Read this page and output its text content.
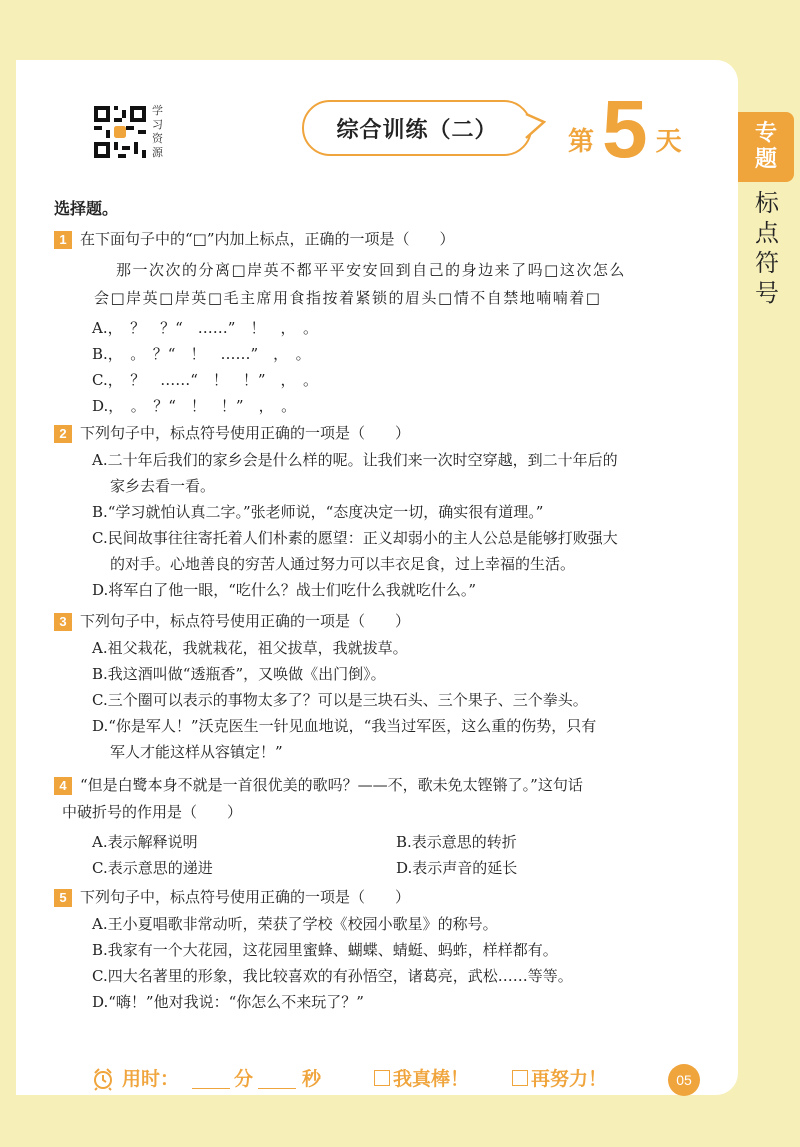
学习资源
综合训练（二）	第 5 天	专
题
标
点
符
号
选择题。
1 在下面句子中的“□”内加上标点，正确的一项是（　　）
那一次次的分离□岸英不都平平安安回到自己的身边来了吗□这次怎么
会□岸英□岸英□毛主席用食指按着紧锁的眉头□情不自禁地喃喃着□
A.，　？　？“　……”　！　，　。
B.，　。　？“　！　……”　，　。
C.，　？　……“　！　！”　，　。
D.，　。　？“　！　！”　，　。
2 下列句子中，标点符号使用正确的一项是（　　）
A.二十年后我们的家乡会是什么样的呢。让我们来一次时空穿越，到二十年后的
家乡去看一看。
B.“学习就怕认真二字。”张老师说，“态度决定一切，确实很有道理。”
C.民间故事往往寄托着人们朴素的愿望：正义却弱小的主人公总是能够打败强大
的对手。心地善良的穷苦人通过努力可以丰衣足食，过上幸福的生活。
D.将军白了他一眼，“吃什么？战士们吃什么我就吃什么。”
3 下列句子中，标点符号使用正确的一项是（　　）
A.祖父栽花，我就栽花，祖父拔草，我就拔草。
B.我这酒叫做“透瓶香”，又唤做《出门倒》。
C.三个圈可以表示的事物太多了？可以是三块石头、三个果子、三个拳头。
D.“你是军人！”沃克医生一针见血地说，“我当过军医，这么重的伤势，只有
军人才能这样从容镇定！”
4 “但是白鹭本身不就是一首很优美的歌吗？——不，歌未免太铿锵了。”这句话
中破折号的作用是（　　）
A.表示解释说明	B.表示意思的转折
C.表示意思的递进	D.表示声音的延长
5 下列句子中，标点符号使用正确的一项是（　　）
A.王小夏唱歌非常动听，荣获了学校《校园小歌星》的称号。
B.我家有一个大花园，这花园里蜜蜂、蝴蝶、蜻蜓、蚂蚱，样样都有。
C.四大名著里的形象，我比较喜欢的有孙悟空，诸葛亮，武松……等等。
D.“嗨！”他对我说：“你怎么不来玩了？”
用时：	分	秒	我真棒！	再努力！	05
